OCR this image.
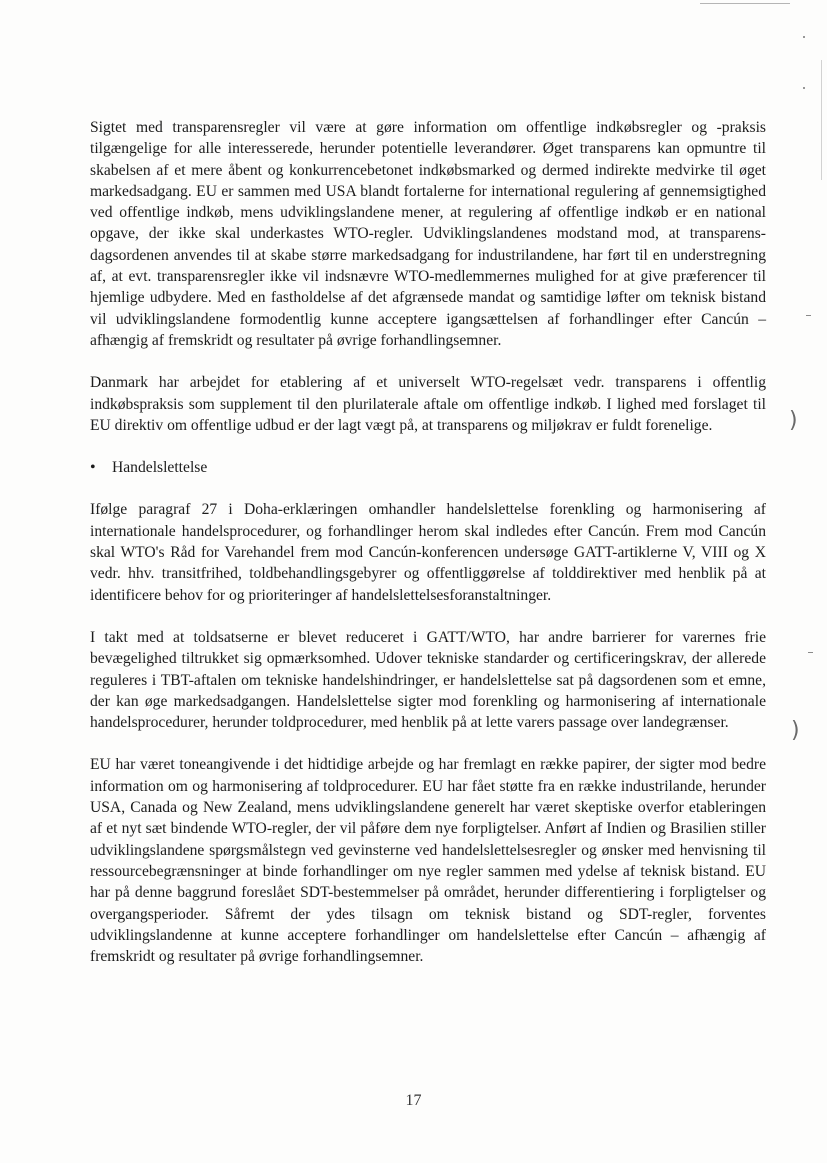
)
)

Sigtet med transparensregler vil være at gøre information om offentlige indkøbsregler og -praksis tilgængelige for alle interesserede, herunder potentielle leverandører. Øget transparens kan opmuntre til skabelsen af et mere åbent og konkurrencebetonet indkøbsmarked og dermed indirekte medvirke til øget markedsadgang. EU er sammen med USA blandt fortalerne for international regulering af gennemsigtighed ved offentlige indkøb, mens udviklingslandene mener, at regulering af offentlige indkøb er en national opgave, der ikke skal underkastes WTO-regler. Udviklingslandenes modstand mod, at transparens-dagsordenen anvendes til at skabe større markedsadgang for industrilandene, har ført til en understregning af, at evt. transparensregler ikke vil indsnævre WTO-medlemmernes mulighed for at give præferencer til hjemlige udbydere. Med en fastholdelse af det afgrænsede mandat og samtidige løfter om teknisk bistand vil udviklingslandene formodentlig kunne acceptere igangsættelsen af forhandlinger efter Cancún – afhængig af fremskridt og resultater på øvrige forhandlingsemner.

Danmark har arbejdet for etablering af et universelt WTO-regelsæt vedr. transparens i offentlig indkøbspraksis som supplement til den plurilaterale aftale om offentlige indkøb. I lighed med forslaget til EU direktiv om offentlige udbud er der lagt vægt på, at transparens og miljøkrav er fuldt forenelige.

•	Handelslettelse

Ifølge paragraf 27 i Doha-erklæringen omhandler handelslettelse forenkling og harmonisering af internationale handelsprocedurer, og forhandlinger herom skal indledes efter Cancún. Frem mod Cancún skal WTO's Råd for Varehandel frem mod Cancún-konferencen undersøge GATT-artiklerne V, VIII og X vedr. hhv. transitfrihed, toldbehandlingsgebyrer og offentliggørelse af tolddirektiver med henblik på at identificere behov for og prioriteringer af handelslettelsesforanstaltninger.

I takt med at toldsatserne er blevet reduceret i GATT/WTO, har andre barrierer for varernes frie bevægelighed tiltrukket sig opmærksomhed. Udover tekniske standarder og certificeringskrav, der allerede reguleres i TBT-aftalen om tekniske handelshindringer, er handelslettelse sat på dagsordenen som et emne, der kan øge markedsadgangen. Handelslettelse sigter mod forenkling og harmonisering af internationale handelsprocedurer, herunder toldprocedurer, med henblik på at lette varers passage over landegrænser.

EU har været toneangivende i det hidtidige arbejde og har fremlagt en række papirer, der sigter mod bedre information om og harmonisering af toldprocedurer. EU har fået støtte fra en række industrilande, herunder USA, Canada og New Zealand, mens udviklingslandene generelt har været skeptiske overfor etableringen af et nyt sæt bindende WTO-regler, der vil påføre dem nye forpligtelser. Anført af Indien og Brasilien stiller udviklingslandene spørgsmålstegn ved gevinsterne ved handelslettelsesregler og ønsker med henvisning til ressourcebegrænsninger at binde forhandlinger om nye regler sammen med ydelse af teknisk bistand. EU har på denne baggrund foreslået SDT-bestemmelser på området, herunder differentiering i forpligtelser og overgangsperioder. Såfremt der ydes tilsagn om teknisk bistand og SDT-regler, forventes udviklingslandenne at kunne acceptere forhandlinger om handelslettelse efter Cancún – afhængig af fremskridt og resultater på øvrige forhandlingsemner.

17
